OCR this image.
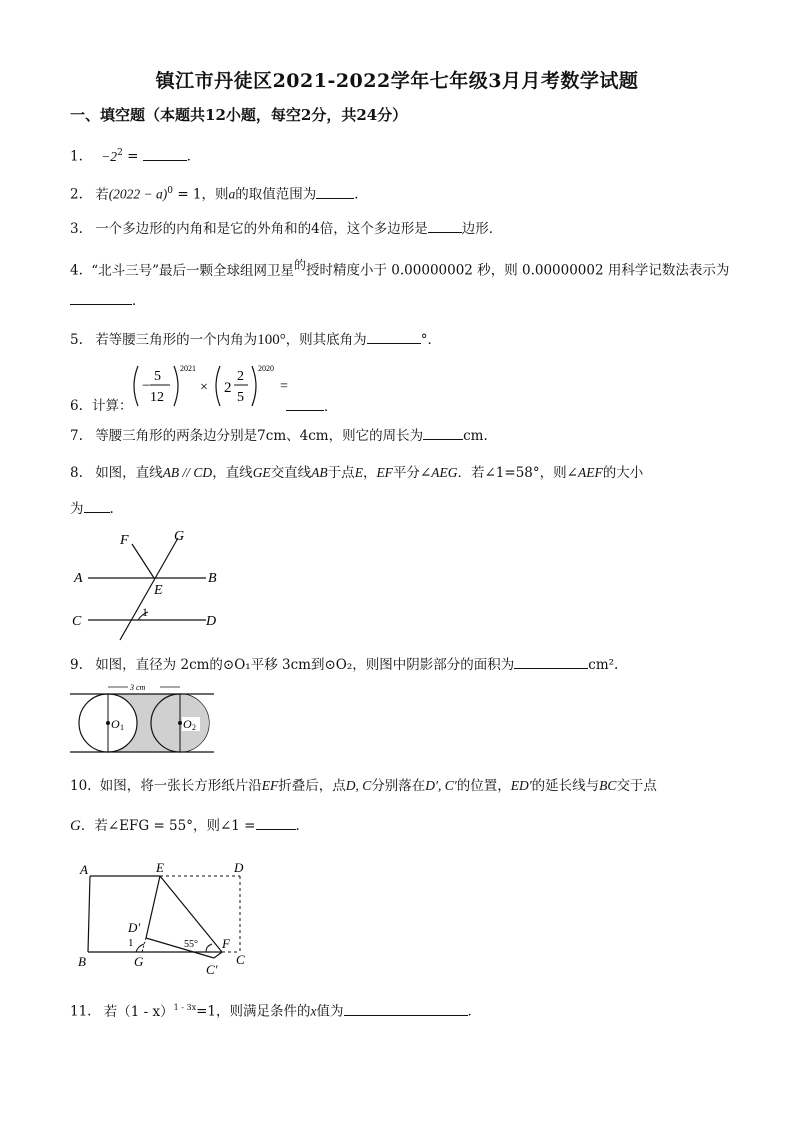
镇江市丹徒区2021-2022学年七年级3月月考数学试题
一、填空题（本题共12小题，每空2分，共24分）
1. $-2^2$ =	．
2. 若$(2022 - a)^0 = 1$，则a的取值范围为	．
3. 一个多边形的内角和是它的外角和的4倍，这个多边形是	边形．
4. “北斗三号”最后一颗全球组网卫星$^的$授时精度小于 0.00000002 秒，则 0.00000002 用科学记数法表示为
．
5. 若等腰三角形的一个内角为100°，则其底角为	°．
6. 计算：
−
5
12
2021
× 2
2
5
2020
=
．
7. 等腰三角形的两条边分别是7cm、4cm，则它的周长为	cm.
8. 如图，直线AB // CD，直线GE交直线AB于点E，EF平分∠AEG．若∠1=58°，则∠AEF的大小
为 .
F	G
A	B
E
C	D
1
9. 如图，直径为 2cm的⊙O₁平移 3cm到⊙O₂，则图中阴影部分的面积为	cm².
3 cm
O 1	O 2
10. 如图，将一张长方形纸片沿EF折叠后，点D, C分别落在D′, C′的位置，ED′的延长线与BC交于点
G．若∠EFG = 55°，则∠1 =	．
A	E	D
D′
1	55° F
B	G
C′
C
11. 若（1 - x）$^{1 - 3x}$=1，则满足条件的x值为	．
